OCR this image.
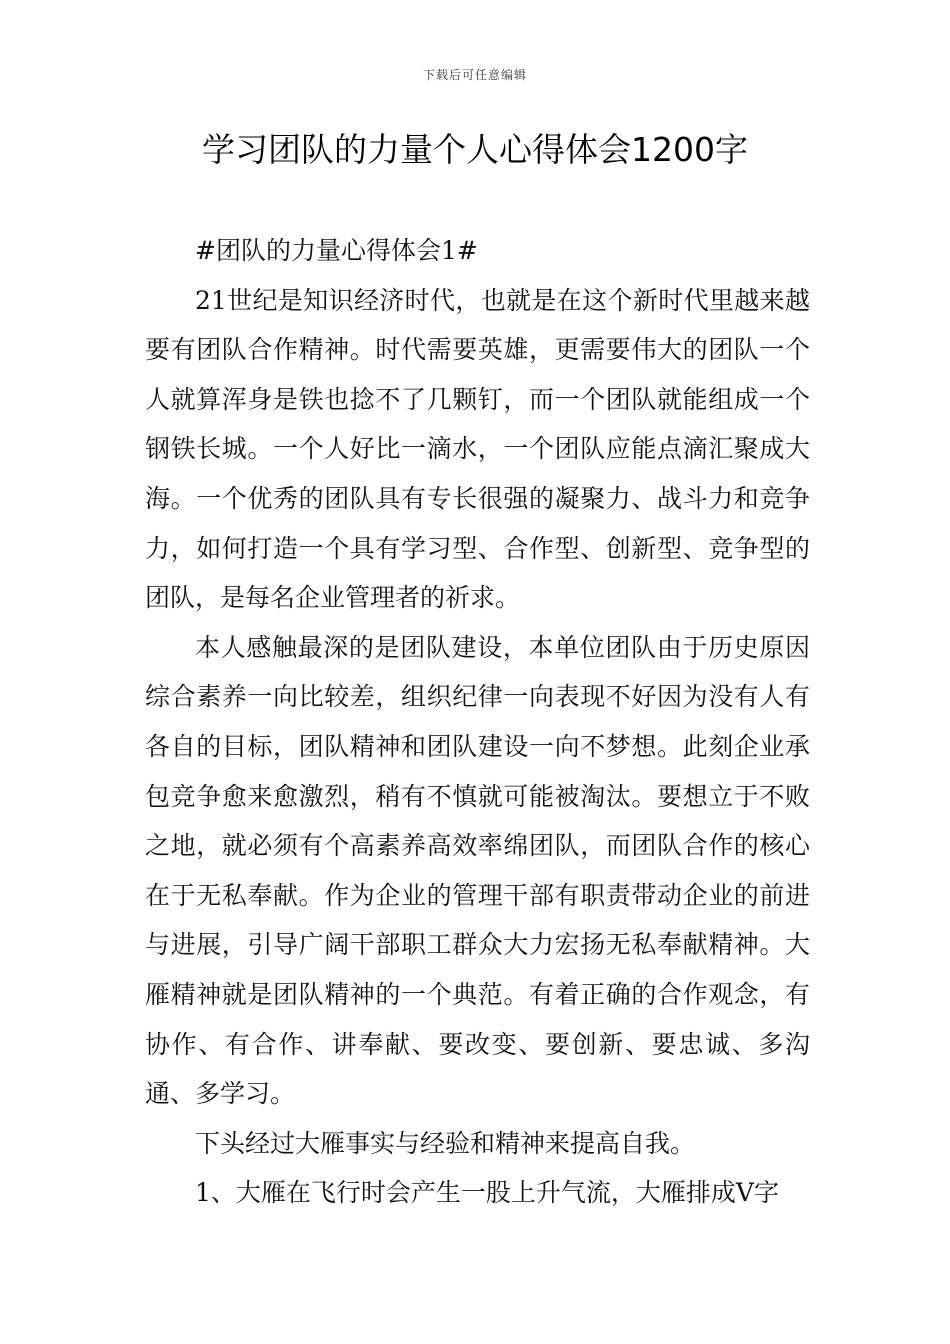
下载后可任意编辑
学习团队的力量个人心得体会1200字

#团队的力量心得体会1#

21世纪是知识经济时代，也就是在这个新时代里越来越要有团队合作精神。时代需要英雄，更需要伟大的团队一个人就算浑身是铁也捻不了几颗钉，而一个团队就能组成一个钢铁长城。一个人好比一滴水，一个团队应能点滴汇聚成大海。一个优秀的团队具有专长很强的凝聚力、战斗力和竞争力，如何打造一个具有学习型、合作型、创新型、竞争型的团队，是每名企业管理者的祈求。

本人感触最深的是团队建设，本单位团队由于历史原因综合素养一向比较差，组织纪律一向表现不好因为没有人有各自的目标，团队精神和团队建设一向不梦想。此刻企业承包竞争愈来愈激烈，稍有不慎就可能被淘汰。要想立于不败之地，就必须有个高素养高效率绵团队，而团队合作的核心在于无私奉献。作为企业的管理干部有职责带动企业的前进与进展，引导广阔干部职工群众大力宏扬无私奉献精神。大雁精神就是团队精神的一个典范。有着正确的合作观念，有协作、有合作、讲奉献、要改变、要创新、要忠诚、多沟通、多学习。

下头经过大雁事实与经验和精神来提高自我。

1、大雁在飞行时会产生一股上升气流，大雁排成V字
